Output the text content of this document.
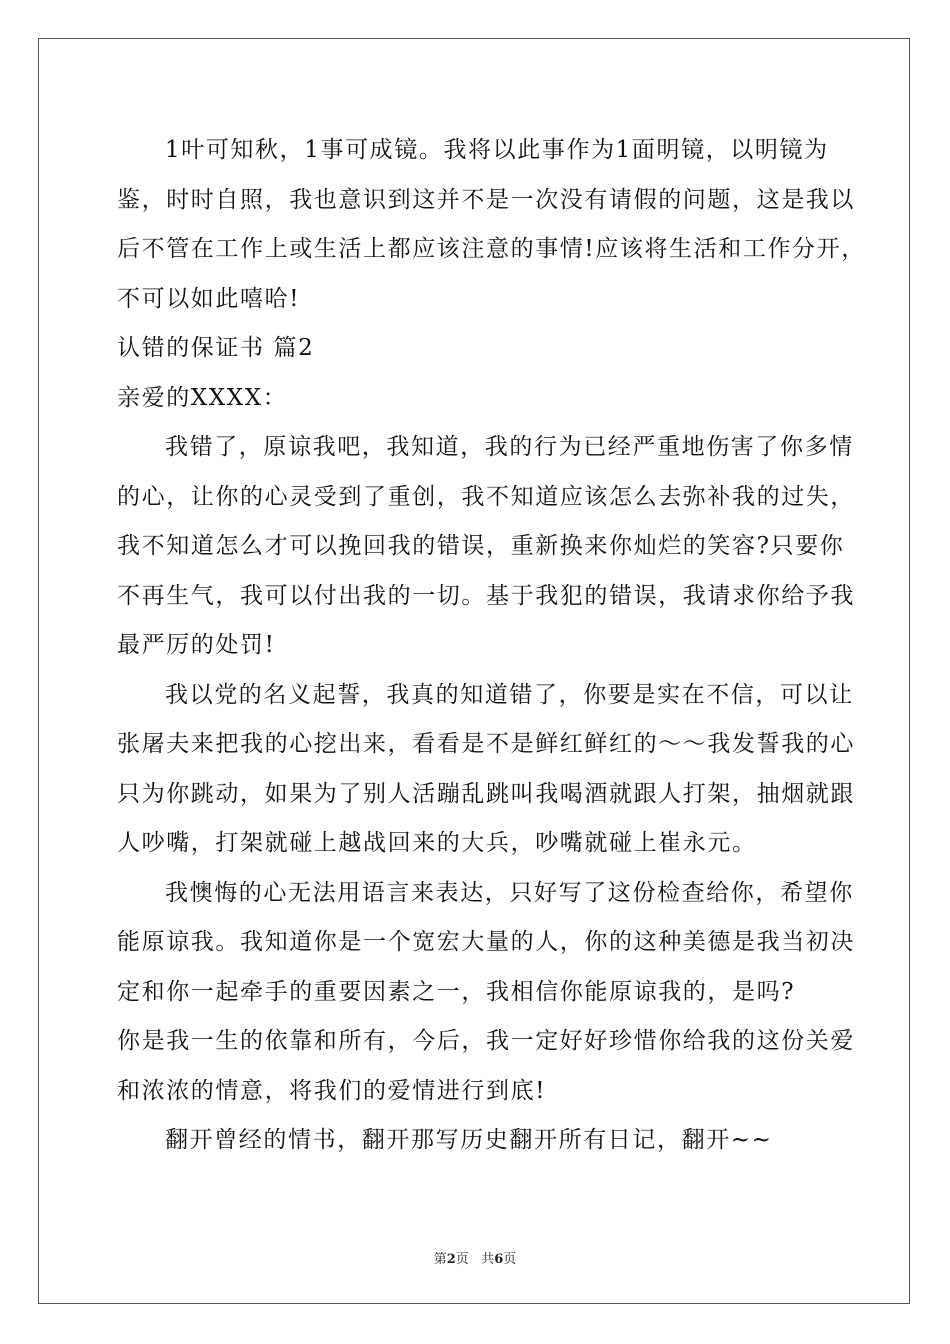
1叶可知秋，1事可成镜。我将以此事作为1面明镜，以明镜为
鉴，时时自照，我也意识到这并不是一次没有请假的问题，这是我以
后不管在工作上或生活上都应该注意的事情!应该将生活和工作分开，
不可以如此嘻哈!
认错的保证书 篇2
亲爱的XXXX：
我错了，原谅我吧，我知道，我的行为已经严重地伤害了你多情
的心，让你的心灵受到了重创，我不知道应该怎么去弥补我的过失，
我不知道怎么才可以挽回我的错误，重新换来你灿烂的笑容?只要你
不再生气，我可以付出我的一切。基于我犯的错误，我请求你给予我
最严厉的处罚!
我以党的名义起誓，我真的知道错了，你要是实在不信，可以让
张屠夫来把我的心挖出来，看看是不是鲜红鲜红的～～我发誓我的心
只为你跳动，如果为了别人活蹦乱跳叫我喝酒就跟人打架，抽烟就跟
人吵嘴，打架就碰上越战回来的大兵，吵嘴就碰上崔永元。
我懊悔的心无法用语言来表达，只好写了这份检查给你，希望你
能原谅我。我知道你是一个宽宏大量的人，你的这种美德是我当初决
定和你一起牵手的重要因素之一，我相信你能原谅我的，是吗?
你是我一生的依靠和所有，今后，我一定好好珍惜你给我的这份关爱
和浓浓的情意，将我们的爱情进行到底!
翻开曾经的情书，翻开那写历史翻开所有日记，翻开~~
第2页 共6页
